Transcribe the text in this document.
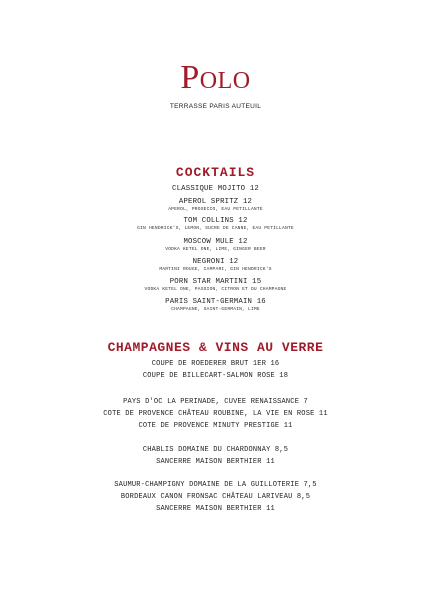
Polo
TERRASSE PARIS AUTEUIL
COCKTAILS
CLASSIQUE MOJITO 12
APEROL SPRITZ 12
APEROL, PROSECCO, EAU PETILLANTE
TOM COLLINS 12
GIN HENDRICK'S, LEMON, SUCRE DE CANNE, EAU PETILLANTE
MOSCOW MULE 12
VODKA KETEL ONE, LIME, GINGER BEER
NEGRONI 12
MARTINI ROUGE, CAMPARI, GIN HENDRICK'S
PORN STAR MARTINI 15
VODKA KETEL ONE, PASSION, CITRON ET DU CHAMPAGNE
PARIS SAINT-GERMAIN 16
CHAMPAGNE, SAINT-GERMAIN, LIME
CHAMPAGNES & VINS AU VERRE
COUPE DE ROEDERER BRUT 1ER 16
COUPE DE BILLECART-SALMON ROSE 18
PAYS D'OC LA PERINADE, CUVEE RENAISSANCE 7
COTE DE PROVENCE CHÂTEAU ROUBINE, LA VIE EN ROSE 11
COTE DE PROVENCE MINUTY PRESTIGE 11
CHABLIS DOMAINE DU CHARDONNAY 8,5
SANCERRE MAISON BERTHIER 11
SAUMUR-CHAMPIGNY DOMAINE DE LA GUILLOTERIE 7,5
BORDEAUX CANON FRONSAC CHÂTEAU LARIVEAU 8,5
SANCERRE MAISON BERTHIER 11
